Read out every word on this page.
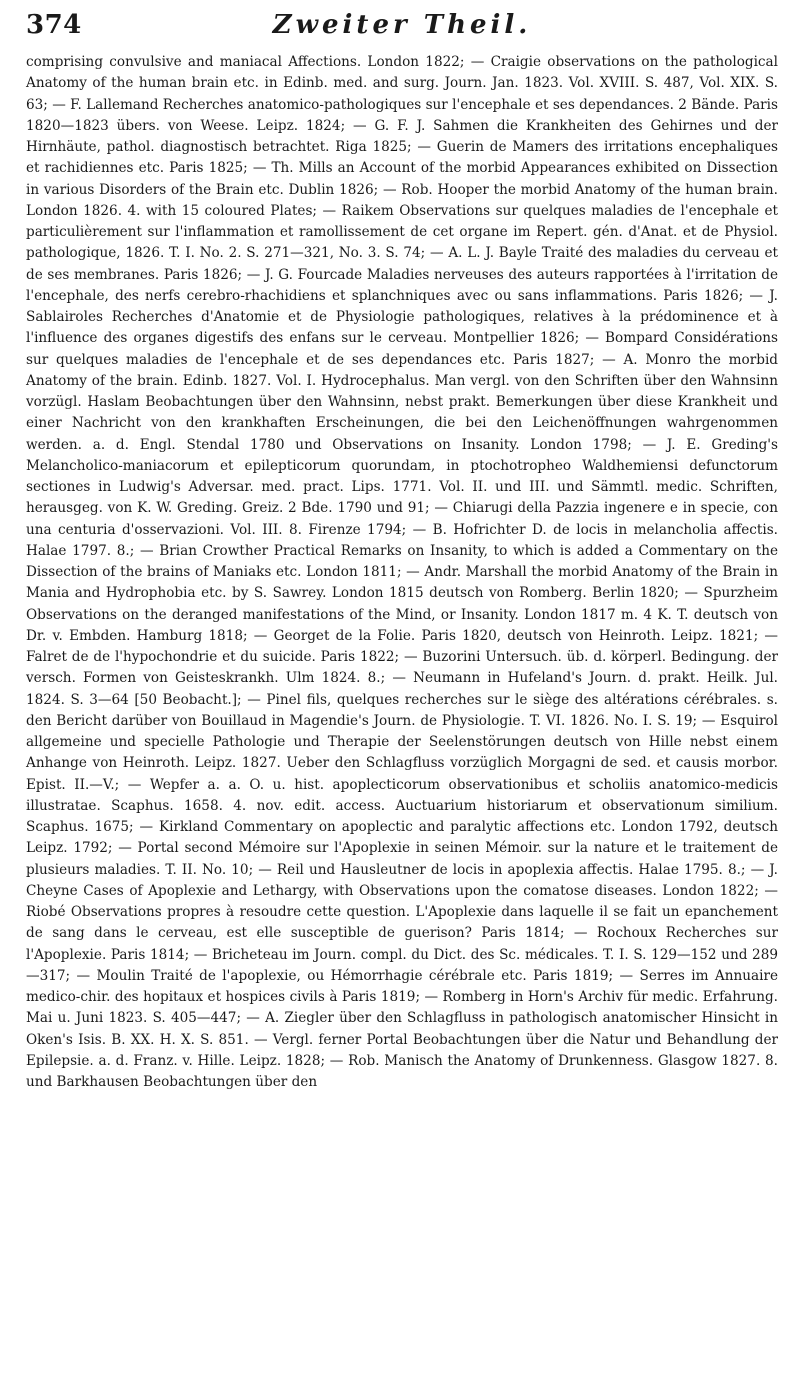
374	Zweiter Theil.

comprising convulsive and maniacal Affections. London 1822; — Craigie observations on the pathological Anatomy of the human brain etc. in Edinb. med. and surg. Journ. Jan. 1823. Vol. XVIII. S. 487, Vol. XIX. S. 63; — F. Lallemand Recherches anatomico-pathologiques sur l'encephale et ses dependances. 2 Bände. Paris 1820—1823 übers. von Weese. Leipz. 1824; — G. F. J. Sahmen die Krankheiten des Gehirnes und der Hirnhäute, pathol. diagnostisch betrachtet. Riga 1825; — Guerin de Mamers des irritations encephaliques et rachidiennes etc. Paris 1825; — Th. Mills an Account of the morbid Appearances exhibited on Dissection in various Disorders of the Brain etc. Dublin 1826; — Rob. Hooper the morbid Anatomy of the human brain. London 1826. 4. with 15 coloured Plates; — Raikem Observations sur quelques maladies de l'encephale et particulièrement sur l'inflammation et ramollissement de cet organe im Repert. gén. d'Anat. et de Physiol. pathologique, 1826. T. I. No. 2. S. 271—321, No. 3. S. 74; — A. L. J. Bayle Traité des maladies du cerveau et de ses membranes. Paris 1826; — J. G. Fourcade Maladies nerveuses des auteurs rapportées à l'irritation de l'encephale, des nerfs cerebro-rhachidiens et splanchniques avec ou sans inflammations. Paris 1826; — J. Sablairoles Recherches d'Anatomie et de Physiologie pathologiques, relatives à la prédominence et à l'influence des organes digestifs des enfans sur le cerveau. Montpellier 1826; — Bompard Considérations sur quelques maladies de l'encephale et de ses dependances etc. Paris 1827; — A. Monro the morbid Anatomy of the brain. Edinb. 1827. Vol. I. Hydrocephalus. Man vergl. von den Schriften über den Wahnsinn vorzügl. Haslam Beobachtungen über den Wahnsinn, nebst prakt. Bemerkungen über diese Krankheit und einer Nachricht von den krankhaften Erscheinungen, die bei den Leichenöffnungen wahrgenommen werden. a. d. Engl. Stendal 1780 und Observations on Insanity. London 1798; — J. E. Greding's Melancholico-maniacorum et epilepticorum quorundam, in ptochotropheo Waldhemiensi defunctorum sectiones in Ludwig's Adversar. med. pract. Lips. 1771. Vol. II. und III. und Sämmtl. medic. Schriften, herausgeg. von K. W. Greding. Greiz. 2 Bde. 1790 und 91; — Chiarugi della Pazzia ingenere e in specie, con una centuria d'osservazioni. Vol. III. 8. Firenze 1794; — B. Hofrichter D. de locis in melancholia affectis. Halae 1797. 8.; — Brian Crowther Practical Remarks on Insanity, to which is added a Commentary on the Dissection of the brains of Maniaks etc. London 1811; — Andr. Marshall the morbid Anatomy of the Brain in Mania and Hydrophobia etc. by S. Sawrey. London 1815 deutsch von Romberg. Berlin 1820; — Spurzheim Observations on the deranged manifestations of the Mind, or Insanity. London 1817 m. 4 K. T. deutsch von Dr. v. Embden. Hamburg 1818; — Georget de la Folie. Paris 1820, deutsch von Heinroth. Leipz. 1821; — Falret de de l'hypochondrie et du suicide. Paris 1822; — Buzorini Untersuch. üb. d. körperl. Bedingung. der versch. Formen von Geisteskrankh. Ulm 1824. 8.; — Neumann in Hufeland's Journ. d. prakt. Heilk. Jul. 1824. S. 3—64 [50 Beobacht.]; — Pinel fils, quelques recherches sur le siège des altérations cérébrales. s. den Bericht darüber von Bouillaud in Magendie's Journ. de Physiologie. T. VI. 1826. No. I. S. 19; — Esquirol allgemeine und specielle Pathologie und Therapie der Seelenstörungen deutsch von Hille nebst einem Anhange von Heinroth. Leipz. 1827. Ueber den Schlagfluss vorzüglich Morgagni de sed. et causis morbor. Epist. II.—V.; — Wepfer a. a. O. u. hist. apoplecticorum observationibus et scholiis anatomico-medicis illustratae. Scaphus. 1658. 4. nov. edit. access. Auctuarium historiarum et observationum similium. Scaphus. 1675; — Kirkland Commentary on apoplectic and paralytic affections etc. London 1792, deutsch Leipz. 1792; — Portal second Mémoire sur l'Apoplexie in seinen Mémoir. sur la nature et le traitement de plusieurs maladies. T. II. No. 10; — Reil und Hausleutner de locis in apoplexia affectis. Halae 1795. 8.; — J. Cheyne Cases of Apoplexie and Lethargy, with Observations upon the comatose diseases. London 1822; — Riobé Observations propres à resoudre cette question. L'Apoplexie dans laquelle il se fait un epanchement de sang dans le cerveau, est elle susceptible de guerison? Paris 1814; — Rochoux Recherches sur l'Apoplexie. Paris 1814; — Bricheteau im Journ. compl. du Dict. des Sc. médicales. T. I. S. 129—152 und 289—317; — Moulin Traité de l'apoplexie, ou Hémorrhagie cérébrale etc. Paris 1819; — Serres im Annuaire medico-chir. des hopitaux et hospices civils à Paris 1819; — Romberg in Horn's Archiv für medic. Erfahrung. Mai u. Juni 1823. S. 405—447; — A. Ziegler über den Schlagfluss in pathologisch anatomischer Hinsicht in Oken's Isis. B. XX. H. X. S. 851. — Vergl. ferner Portal Beobachtungen über die Natur und Behandlung der Epilepsie. a. d. Franz. v. Hille. Leipz. 1828; — Rob. Manisch the Anatomy of Drunkenness. Glasgow 1827. 8. und Barkhausen Beobachtungen über den
